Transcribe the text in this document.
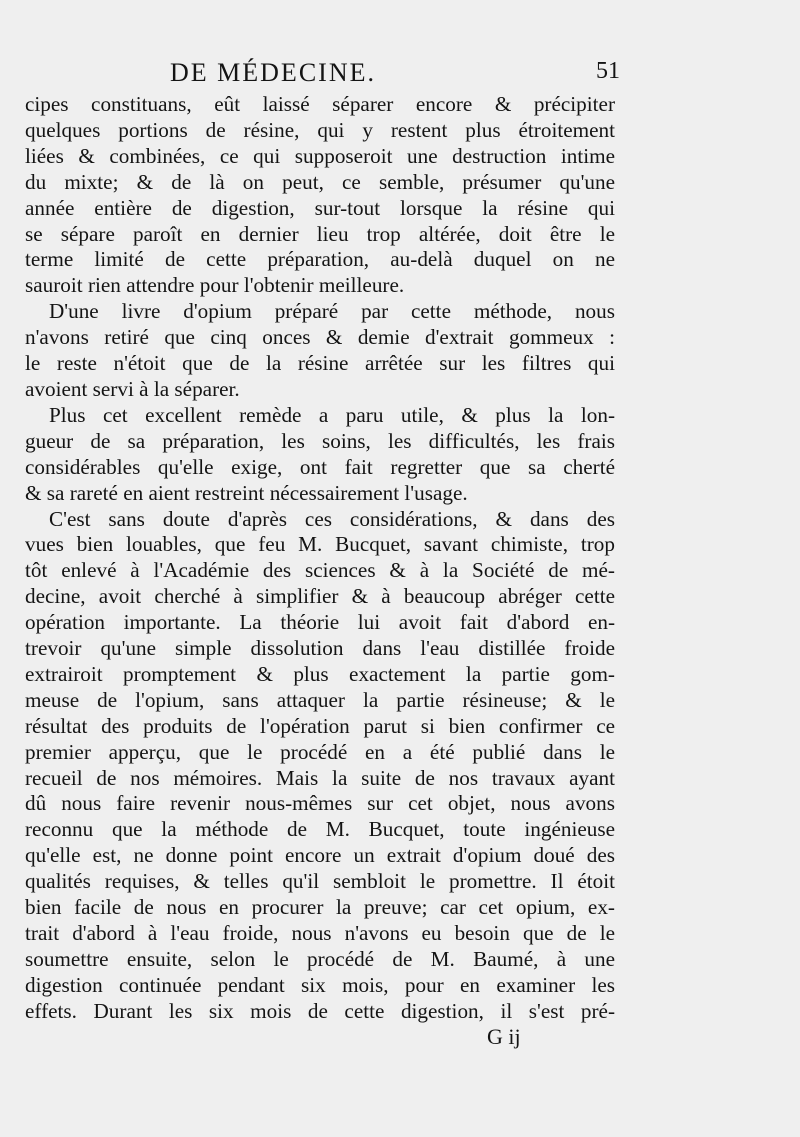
DE MÉDECINE.	51
cipes constituans, eût laissé séparer encore & précipiter
quelques portions de résine, qui y restent plus étroitement
liées & combinées, ce qui supposeroit une destruction intime
du mixte; & de là on peut, ce semble, présumer qu'une
année entière de digestion, sur-tout lorsque la résine qui
se sépare paroît en dernier lieu trop altérée, doit être le
terme limité de cette préparation, au-delà duquel on ne
sauroit rien attendre pour l'obtenir meilleure.
D'une livre d'opium préparé par cette méthode, nous
n'avons retiré que cinq onces & demie d'extrait gommeux :
le reste n'étoit que de la résine arrêtée sur les filtres qui
avoient servi à la séparer.
Plus cet excellent remède a paru utile, & plus la lon-
gueur de sa préparation, les soins, les difficultés, les frais
considérables qu'elle exige, ont fait regretter que sa cherté
& sa rareté en aient restreint nécessairement l'usage.
C'est sans doute d'après ces considérations, & dans des
vues bien louables, que feu M. Bucquet, savant chimiste, trop
tôt enlevé à l'Académie des sciences & à la Société de mé-
decine, avoit cherché à simplifier & à beaucoup abréger cette
opération importante. La théorie lui avoit fait d'abord en-
trevoir qu'une simple dissolution dans l'eau distillée froide
extrairoit promptement & plus exactement la partie gom-
meuse de l'opium, sans attaquer la partie résineuse; & le
résultat des produits de l'opération parut si bien confirmer ce
premier apperçu, que le procédé en a été publié dans le
recueil de nos mémoires. Mais la suite de nos travaux ayant
dû nous faire revenir nous-mêmes sur cet objet, nous avons
reconnu que la méthode de M. Bucquet, toute ingénieuse
qu'elle est, ne donne point encore un extrait d'opium doué des
qualités requises, & telles qu'il sembloit le promettre. Il étoit
bien facile de nous en procurer la preuve; car cet opium, ex-
trait d'abord à l'eau froide, nous n'avons eu besoin que de le
soumettre ensuite, selon le procédé de M. Baumé, à une
digestion continuée pendant six mois, pour en examiner les
effets. Durant les six mois de cette digestion, il s'est pré-
G ij
